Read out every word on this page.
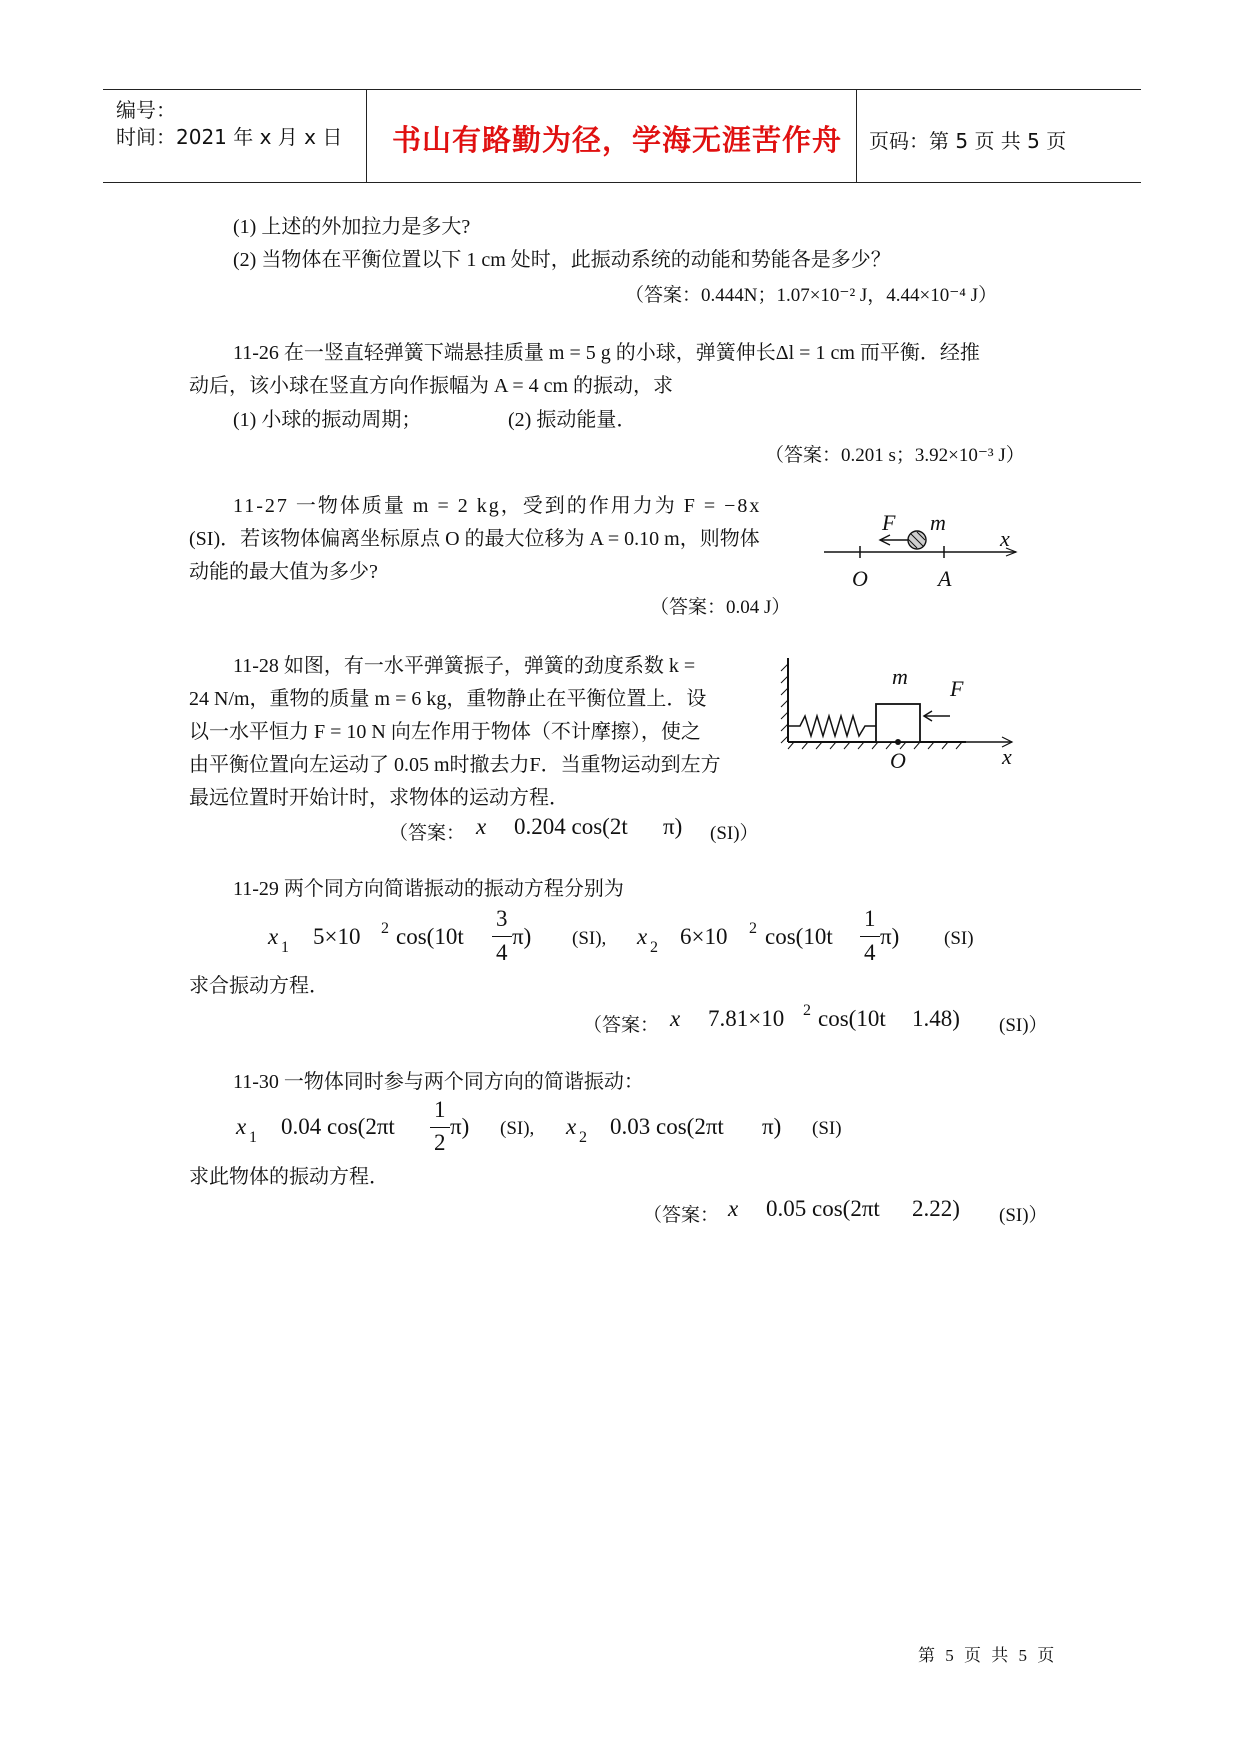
编号：
时间：2021 年 x 月 x 日 书山有路勤为径，学海无涯苦作舟 页码：第 5 页 共 5 页
(1) 上述的外加拉力是多大?
(2) 当物体在平衡位置以下 1 cm 处时，此振动系统的动能和势能各是多少？
（答案：0.444N；1.07×10⁻² J，4.44×10⁻⁴ J）
11-26 在一竖直轻弹簧下端悬挂质量 m = 5 g 的小球，弹簧伸长Δl = 1 cm 而平衡．经推
动后，该小球在竖直方向作振幅为 A = 4 cm 的振动，求
(1) 小球的振动周期；	(2) 振动能量．
（答案：0.201 s；3.92×10⁻³ J）
11-27 一物体质量 m = 2 kg，受到的作用力为 F = −8x
(SI)．若该物体偏离坐标原点 O 的最大位移为 A = 0.10 m，则物体
动能的最大值为多少?
（答案：0.04 J）
F m
x
O	A
11-28 如图，有一水平弹簧振子，弹簧的劲度系数 k =
24 N/m，重物的质量 m = 6 kg，重物静止在平衡位置上．设
以一水平恒力 F = 10 N 向左作用于物体（不计摩擦），使之
由平衡位置向左运动了 0.05 m时撤去力F．当重物运动到左方
最远位置时开始计时，求物体的运动方程．
（答案： x 0.204 cos(2t π) (SI)）
m F
O	x
11-29 两个同方向简谐振动的振动方程分别为
x 1 5×10 2 cos(10t
3
4
π) (SI), x 2 6×10 2 cos(10t
1
4
π) (SI)
求合振动方程．
（答案： x 7.81×10 2 cos(10t 1.48) (SI)）
11-30 一物体同时参与两个同方向的简谐振动：
x 1 0.04 cos(2πt
1
2
π) (SI), x 2 0.03 cos(2πt π) (SI)
求此物体的振动方程．
（答案： x 0.05 cos(2πt 2.22) (SI)）
第 5 页 共 5 页
